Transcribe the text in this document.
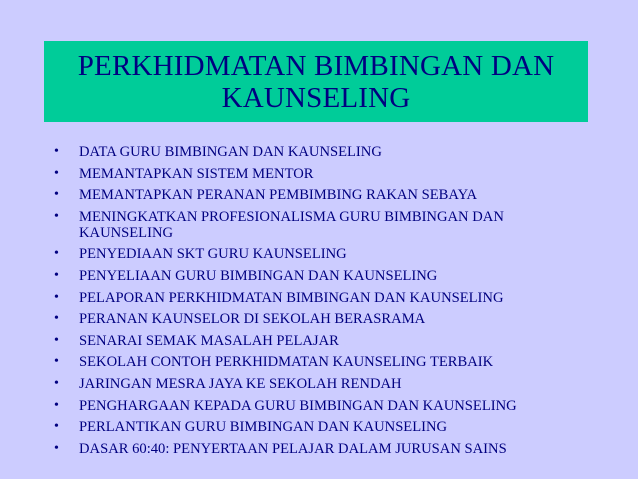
PERKHIDMATAN BIMBINGAN DAN
KAUNSELING
• DATA GURU BIMBINGAN DAN KAUNSELING
• MEMANTAPKAN SISTEM MENTOR
• MEMANTAPKAN PERANAN PEMBIMBING RAKAN SEBAYA
• MENINGKATKAN PROFESIONALISMA GURU BIMBINGAN DAN KAUNSELING
• PENYEDIAAN SKT GURU KAUNSELING
• PENYELIAAN GURU BIMBINGAN DAN KAUNSELING
• PELAPORAN PERKHIDMATAN BIMBINGAN DAN KAUNSELING
• PERANAN KAUNSELOR DI SEKOLAH BERASRAMA
• SENARAI SEMAK MASALAH PELAJAR
• SEKOLAH CONTOH PERKHIDMATAN KAUNSELING TERBAIK
• JARINGAN MESRA JAYA KE SEKOLAH RENDAH
• PENGHARGAAN KEPADA GURU BIMBINGAN DAN KAUNSELING
• PERLANTIKAN GURU BIMBINGAN DAN KAUNSELING
• DASAR 60:40: PENYERTAAN PELAJAR DALAM JURUSAN SAINS
